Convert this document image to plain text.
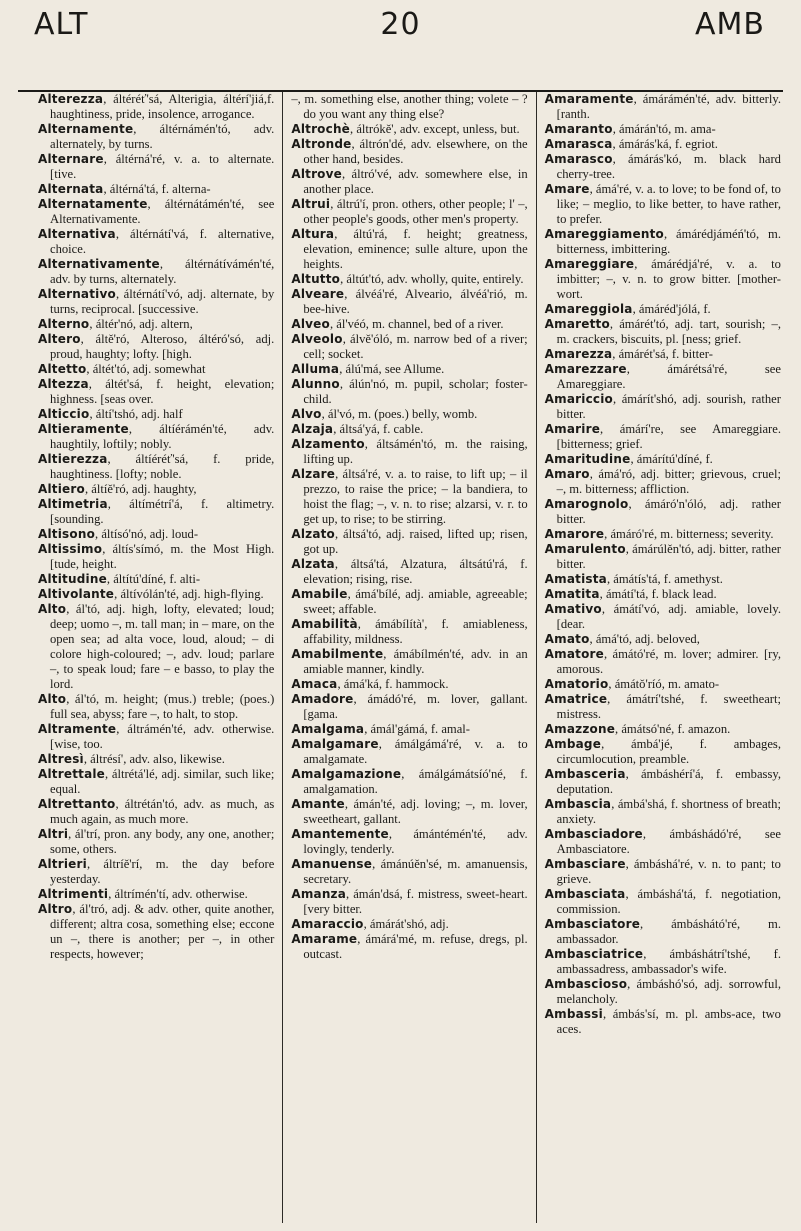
ALT	20	AMB

Alterezza, áltéréť'sá, Alterigia, áltérí'jiá,f. haughtiness, pride, insolence, arrogance.

Alternamente, áltérnámén'tó, adv. alternately, by turns.

Alternare, áltérná'ré, v. a. to alternate. [tive.

Alternata, áltérná'tá, f. alterna-

Alternatamente, áltérnátámén'té, see Alternativamente.

Alternativa, áltérnátí'vá, f. alternative, choice.

Alternativamente, áltérnátívámén'té, adv. by turns, alternately.

Alternativo, áltérnátí'vó, adj. alternate, by turns, reciprocal. [successive.

Alterno, áltér'nó, adj. altern,

Altero, áltě'ró, Alteroso, áltéró'só, adj. proud, haughty; lofty. [high.

Altetto, áltét'tó, adj. somewhat

Altezza, áltét'sá, f. height, elevation; highness. [seas over.

Alticcio, áltí'tshó, adj. half

Altieramente, áltíérámén'té, adv. haughtily, loftily; nobly.

Altierezza, áltíéréť'sá, f. pride, haughtiness. [lofty; noble.

Altiero, áltíě'ró, adj. haughty,

Altimetria, áltímétrí'á, f. altimetry. [sounding.

Altisono, áltísó'nó, adj. loud-

Altissimo, áltís'símó, m. the Most High. [tude, height.

Altitudine, áltítú'díné, f. alti-

Altivolante, áltívólán'té, adj. high-flying.

Alto, ál'tó, adj. high, lofty, elevated; loud; deep; uomo –, m. tall man; in – mare, on the open sea; ad alta voce, loud, aloud; – di colore high-coloured; –, adv. loud; parlare –, to speak loud; fare – e basso, to play the lord.

Alto, ál'tó, m. height; (mus.) treble; (poes.) full sea, abyss; fare –, to halt, to stop.

Altramente, áltrámén'té, adv. otherwise. [wise, too.

Altresì, áltrésí', adv. also, likewise.

Altrettale, áltrétá'lé, adj. similar, such like; equal.

Altrettanto, áltrétán'tó, adv. as much, as much again, as much more.

Altri, ál'trí, pron. any body, any one, another; some, others.

Altrieri, áltríě'rí, m. the day before yesterday.

Altrimenti, áltrímén'tí, adv. otherwise.

Altro, ál'tró, adj. & adv. other, quite another, different; altra cosa, something else; eccone un –, there is another; per –, in other respects, however;

–, m. something else, another thing; volete – ? do you want any thing else?

Altrochè, áltrókě', adv. except, unless, but.

Altronde, áltrón'dé, adv. elsewhere, on the other hand, besides.

Altrove, áltró'vé, adv. somewhere else, in another place.

Altrui, áltrú'í, pron. others, other people; l' –, other people's goods, other men's property.

Altura, áltú'rá, f. height; greatness, elevation, eminence; sulle alture, upon the heights.

Altutto, áltút'tó, adv. wholly, quite, entirely.

Alveare, álvéá'ré, Alveario, álvéá'rió, m. bee-hive.

Alveo, ál'véó, m. channel, bed of a river.

Alveolo, álvě'óló, m. narrow bed of a river; cell; socket.

Alluma, álú'má, see Allume.

Alunno, álún'nó, m. pupil, scholar; foster-child.

Alvo, ál'vó, m. (poes.) belly, womb.

Alzaja, áltsá'yá, f. cable.

Alzamento, áltsámén'tó, m. the raising, lifting up.

Alzare, áltsá'ré, v. a. to raise, to lift up; – il prezzo, to raise the price; – la bandiera, to hoist the flag; –, v. n. to rise; alzarsi, v. r. to get up, to rise; to be stirring.

Alzato, áltsá'tó, adj. raised, lifted up; risen, got up.

Alzata, áltsá'tá, Alzatura, áltsátú'rá, f. elevation; rising, rise.

Amabile, ámá'bílé, adj. amiable, agreeable; sweet; affable.

Amabilità, ámábílítà', f. amiableness, affability, mildness.

Amabilmente, ámábílmén'té, adv. in an amiable manner, kindly.

Amaca, ámá'ká, f. hammock.

Amadore, ámádó'ré, m. lover, gallant. [gama.

Amalgama, ámál'gámá, f. amal-

Amalgamare, ámálgámá'ré, v. a. to amalgamate.

Amalgamazione, ámálgámátsíó'né, f. amalgamation.

Amante, ámán'té, adj. loving; –, m. lover, sweetheart, gallant.

Amantemente, ámántémén'té, adv. lovingly, tenderly.

Amanuense, ámánúěn'sé, m. amanuensis, secretary.

Amanza, ámán'dsá, f. mistress, sweet-heart. [very bitter.

Amaraccio, ámárát'shó, adj.

Amarame, ámárá'mé, m. refuse, dregs, pl. outcast.

Amaramente, ámárámén'té, adv. bitterly. [ranth.

Amaranto, ámárán'tó, m. ama-

Amarasca, ámárás'ká, f. egriot.

Amarasco, ámárás'kó, m. black hard cherry-tree.

Amare, ámá'ré, v. a. to love; to be fond of, to like; – meglio, to like better, to have rather, to prefer.

Amareggiamento, ámárédjáméń'tó, m. bitterness, imbittering.

Amareggiare, ámárédjá'ré, v. a. to imbitter; –, v. n. to grow bitter. [mother-wort.

Amareggiola, ámáréd'jólá, f.

Amaretto, ámárét'tó, adj. tart, sourish; –, m. crackers, biscuits, pl. [ness; grief.

Amarezza, ámárét'sá, f. bitter-

Amarezzare, ámárétsá'ré, see Amareggiare.

Amariccio, ámárít'shó, adj. sourish, rather bitter.

Amarire, ámárí're, see Amareggiare. [bitterness; grief.

Amaritudine, ámárítú'díné, f.

Amaro, ámá'ró, adj. bitter; grievous, cruel; –, m. bitterness; affliction.

Amarognolo, ámáró'n'óló, adj. rather bitter.

Amarore, ámáró'ré, m. bitterness; severity.

Amarulento, ámárúlěn'tó, adj. bitter, rather bitter.

Amatista, ámátís'tá, f. amethyst.

Amatita, ámátí'tá, f. black lead.

Amativo, ámátí'vó, adj. amiable, lovely. [dear.

Amato, ámá'tó, adj. beloved,

Amatore, ámátó'ré, m. lover; admirer. [ry, amorous.

Amatorio, ámátǒ'ríó, m. amato-

Amatrice, ámátrí'tshé, f. sweetheart; mistress.

Amazzone, ámátsó'né, f. amazon.

Ambage, ámbá'jé, f. ambages, circumlocution, preamble.

Ambasceria, ámbáshérí'á, f. embassy, deputation.

Ambascia, ámbá'shá, f. shortness of breath; anxiety.

Ambasciadore, ámbáshádó'ré, see Ambasciatore.

Ambasciare, ámbáshá'ré, v. n. to pant; to grieve.

Ambasciata, ámbáshá'tá, f. negotiation, commission.

Ambasciatore, ámbáshátó'ré, m. ambassador.

Ambasciatrice, ámbáshátrí'tshé, f. ambassadress, ambassador's wife.

Ambascioso, ámbáshó'só, adj. sorrowful, melancholy.

Ambassi, ámbás'sí, m. pl. ambs-ace, two aces.
